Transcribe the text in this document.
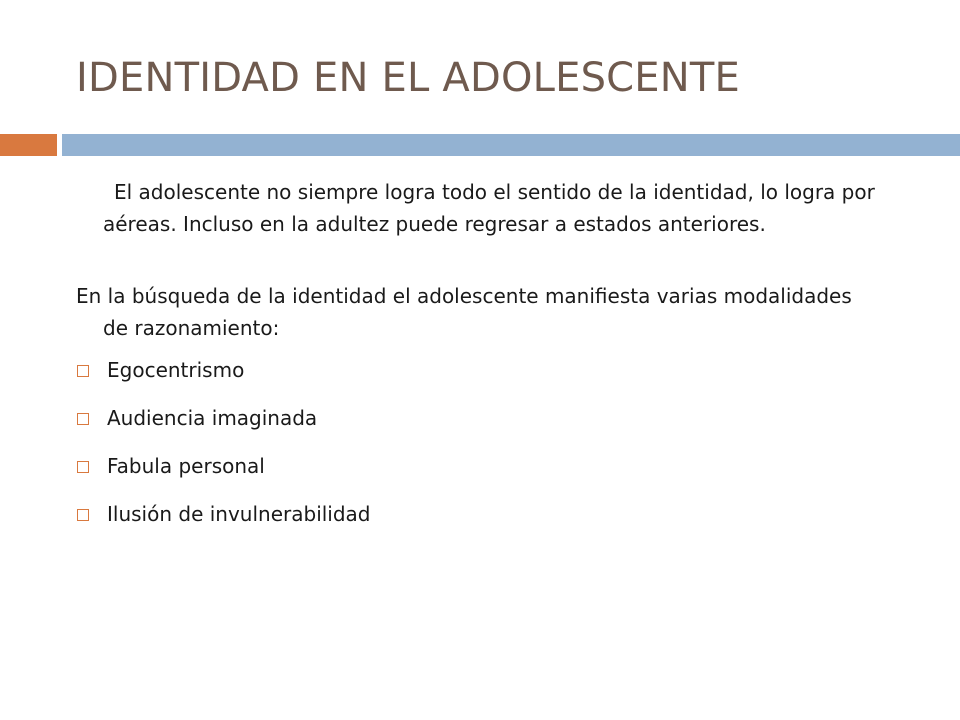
IDENTIDAD EN EL ADOLESCENTE

El adolescente no siempre logra todo el sentido de la identidad, lo logra por aéreas. Incluso en la adultez puede regresar a estados anteriores.

En la búsqueda de la identidad el adolescente manifiesta varias modalidades de razonamiento:

Egocentrismo
Audiencia imaginada
Fabula personal
Ilusión de invulnerabilidad
